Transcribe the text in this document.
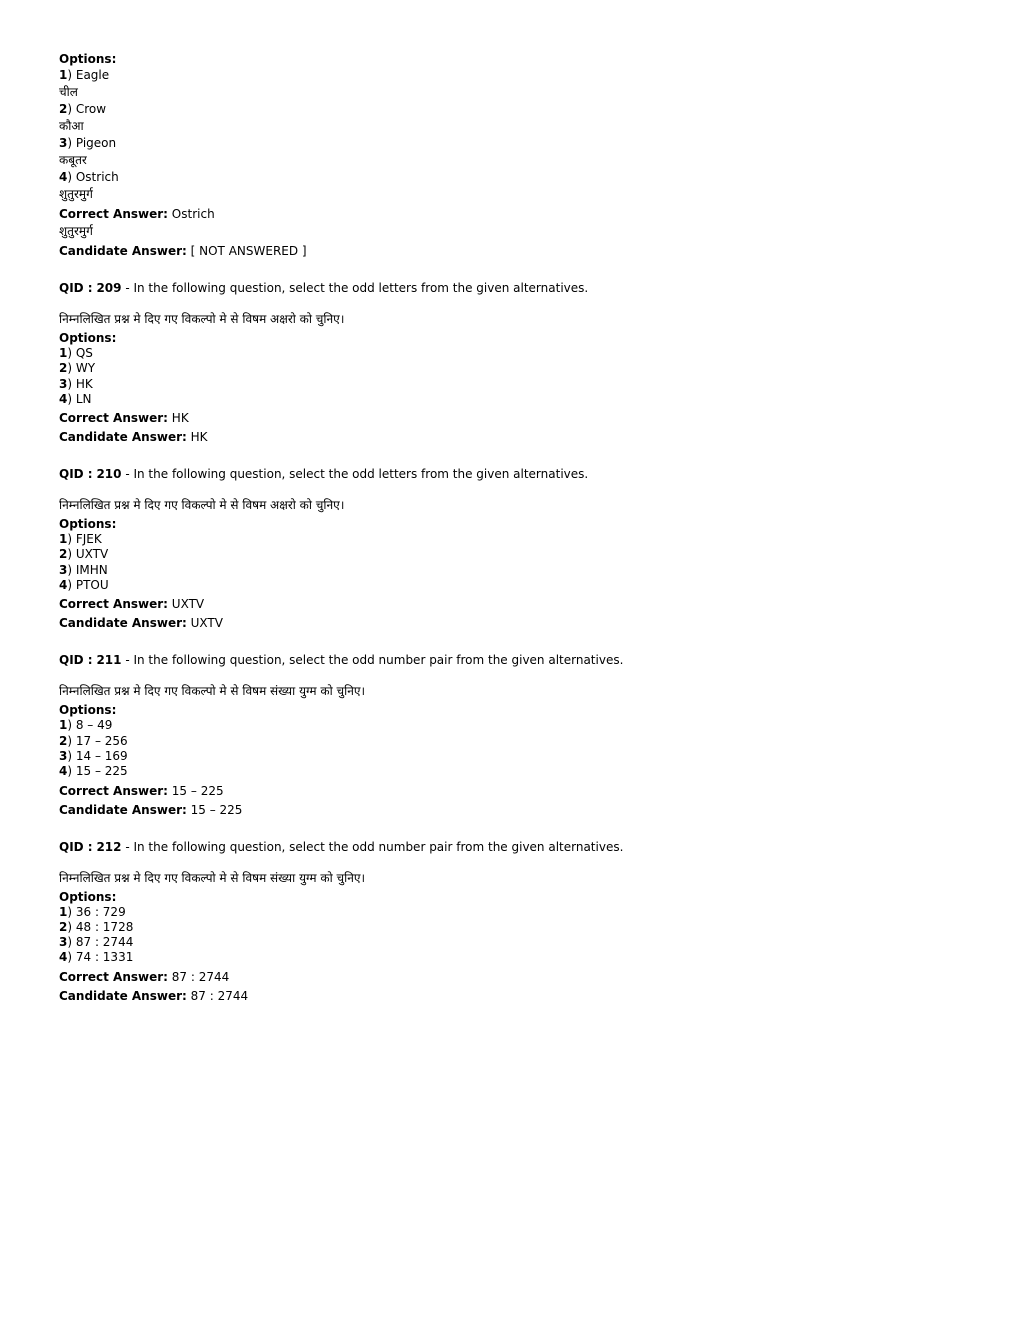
Options:
1) Eagle
चील
2) Crow
कौआ
3) Pigeon
कबूतर
4) Ostrich
शुतुरमुर्ग
Correct Answer: Ostrich
शुतुरमुर्ग
Candidate Answer: [ NOT ANSWERED ]
QID : 209 - In the following question, select the odd letters from the given alternatives.
निम्नलिखित प्रश्न मे दिए गए विकल्पो मे से विषम अक्षरो को चुनिए।
Options:
1) QS
2) WY
3) HK
4) LN
Correct Answer: HK
Candidate Answer: HK
QID : 210 - In the following question, select the odd letters from the given alternatives.
निम्नलिखित प्रश्न मे दिए गए विकल्पो मे से विषम अक्षरो को चुनिए।
Options:
1) FJEK
2) UXTV
3) IMHN
4) PTOU
Correct Answer: UXTV
Candidate Answer: UXTV
QID : 211 - In the following question, select the odd number pair from the given alternatives.
निम्नलिखित प्रश्न मे दिए गए विकल्पो मे से विषम संख्या युग्म को चुनिए।
Options:
1) 8 – 49
2) 17 – 256
3) 14 – 169
4) 15 – 225
Correct Answer: 15 – 225
Candidate Answer: 15 – 225
QID : 212 - In the following question, select the odd number pair from the given alternatives.
निम्नलिखित प्रश्न मे दिए गए विकल्पो मे से विषम संख्या युग्म को चुनिए।
Options:
1) 36 : 729
2) 48 : 1728
3) 87 : 2744
4) 74 : 1331
Correct Answer: 87 : 2744
Candidate Answer: 87 : 2744
